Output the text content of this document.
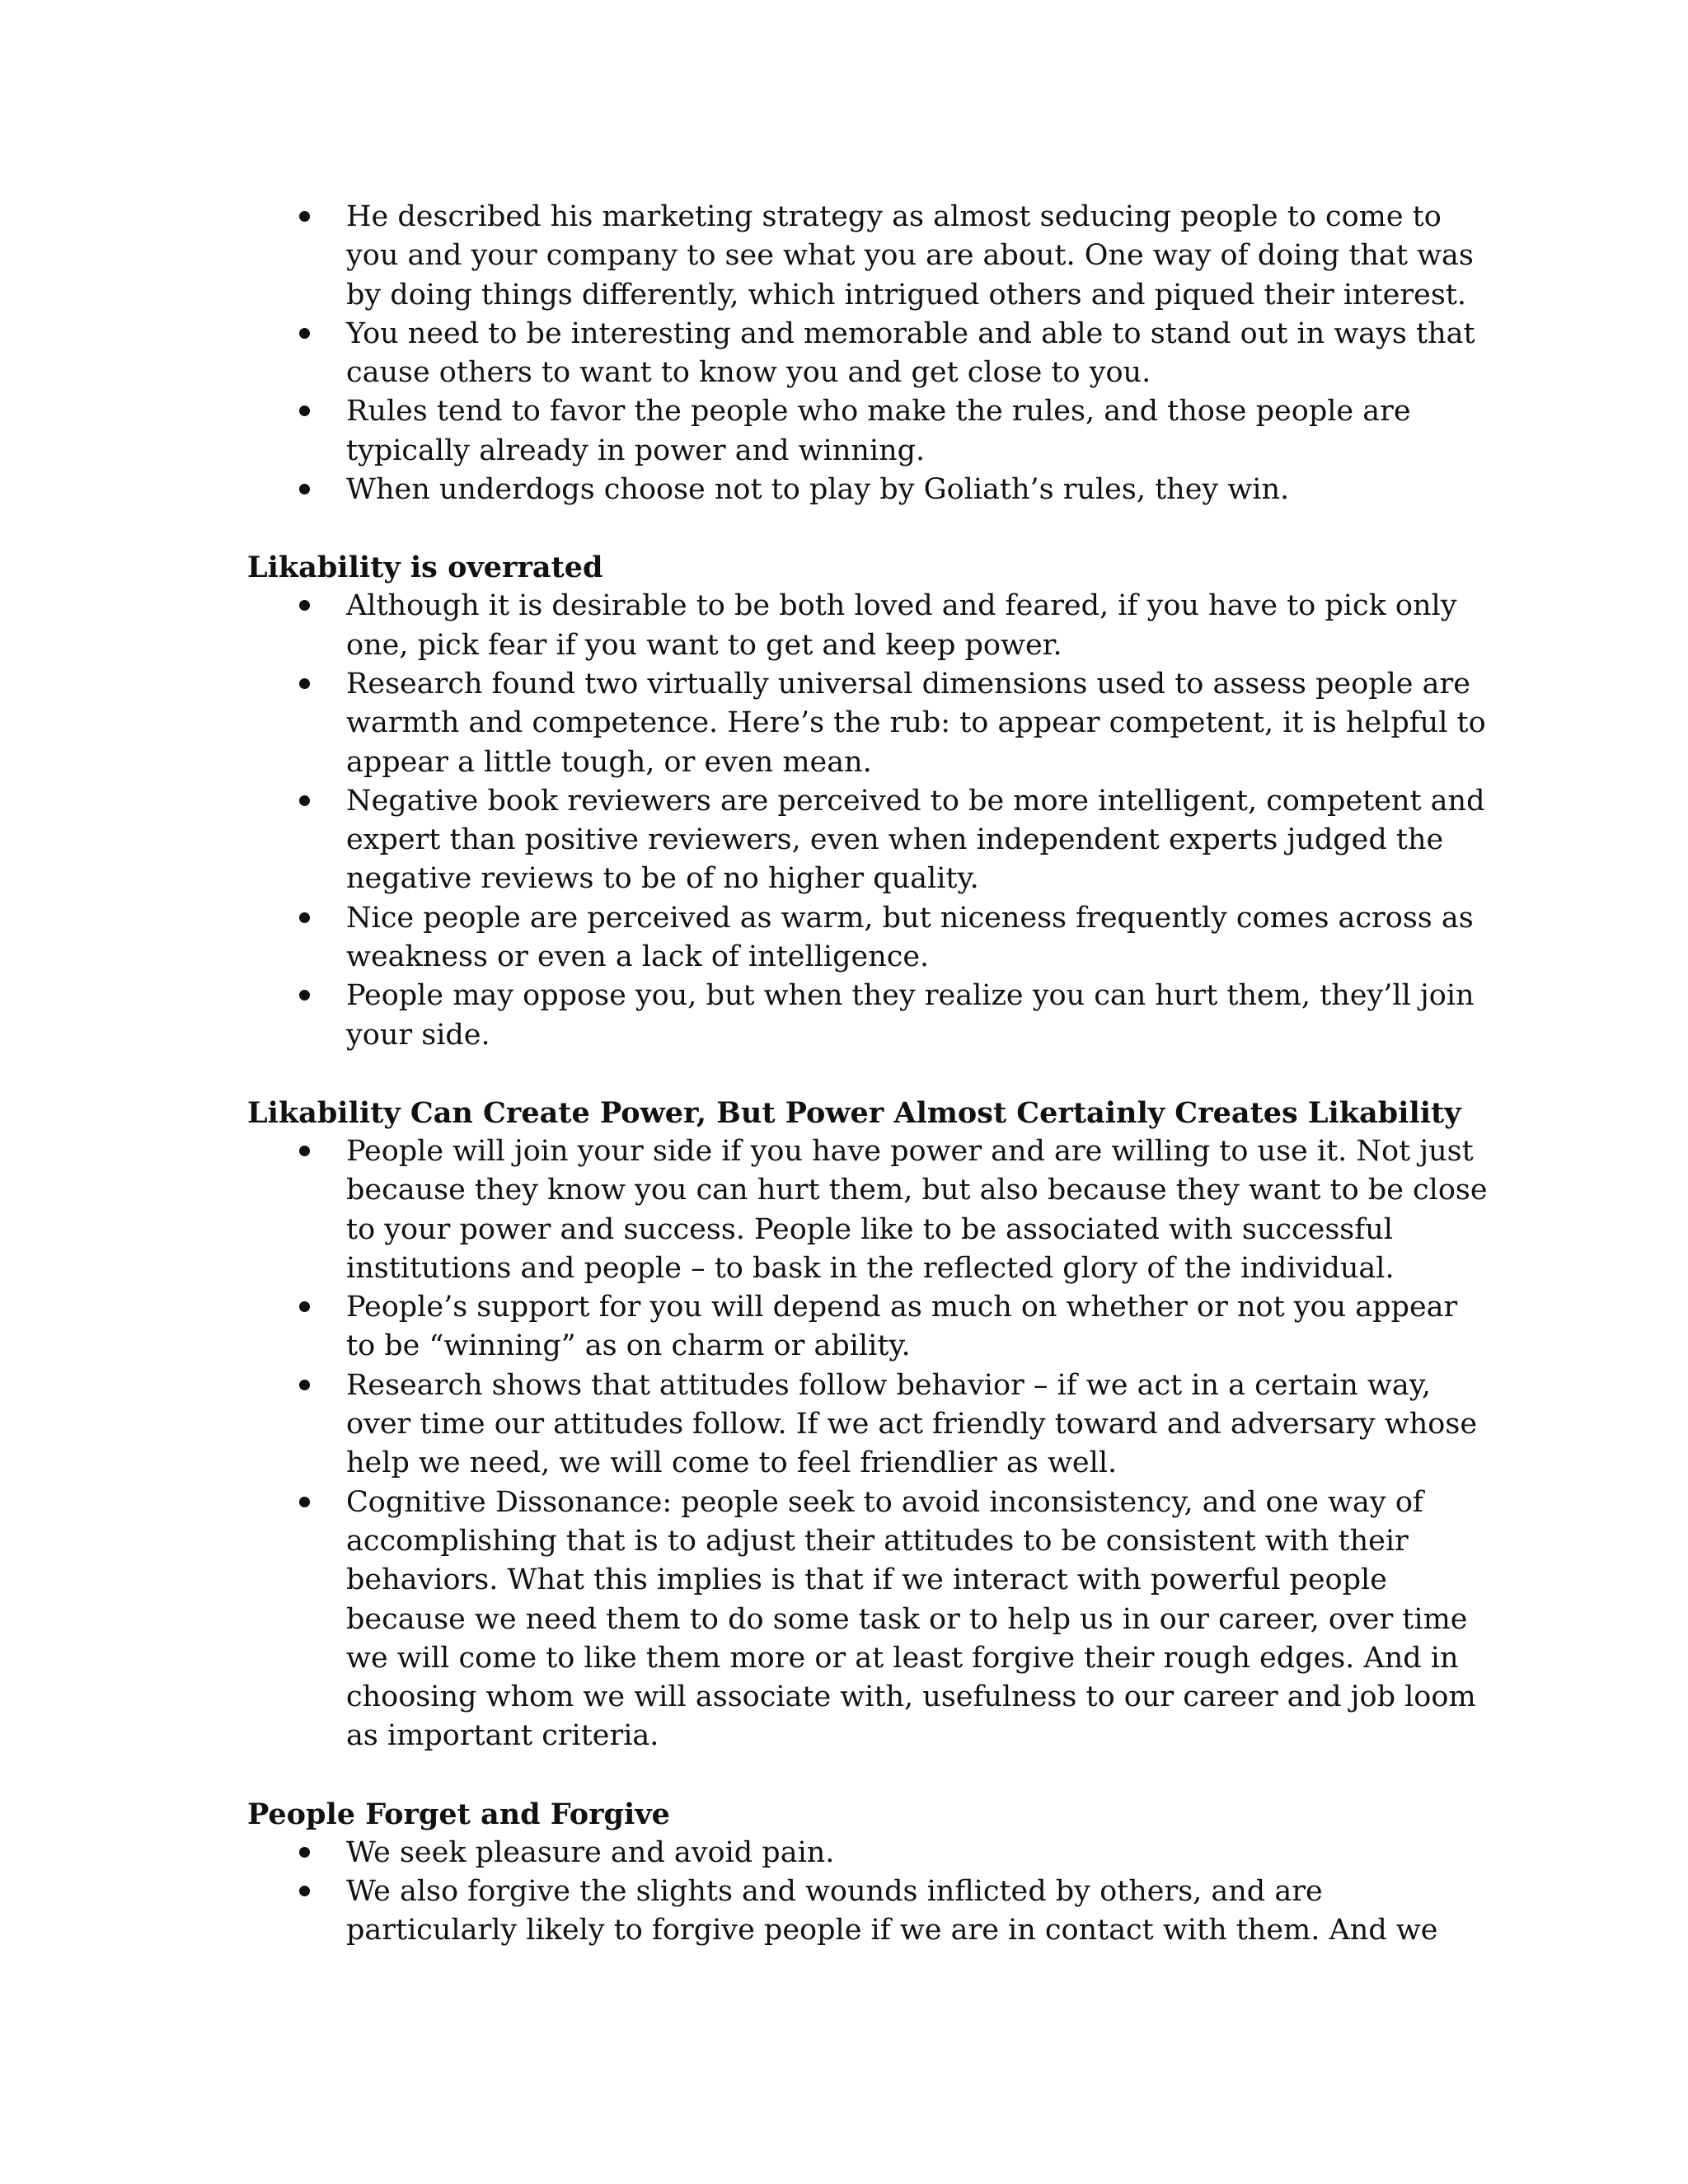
He described his marketing strategy as almost seducing people to come to
you and your company to see what you are about. One way of doing that was
by doing things differently, which intrigued others and piqued their interest.
You need to be interesting and memorable and able to stand out in ways that
cause others to want to know you and get close to you.
Rules tend to favor the people who make the rules, and those people are
typically already in power and winning.
When underdogs choose not to play by Goliath’s rules, they win.
Likability is overrated
Although it is desirable to be both loved and feared, if you have to pick only
one, pick fear if you want to get and keep power.
Research found two virtually universal dimensions used to assess people are
warmth and competence. Here’s the rub: to appear competent, it is helpful to
appear a little tough, or even mean.
Negative book reviewers are perceived to be more intelligent, competent and
expert than positive reviewers, even when independent experts judged the
negative reviews to be of no higher quality.
Nice people are perceived as warm, but niceness frequently comes across as
weakness or even a lack of intelligence.
People may oppose you, but when they realize you can hurt them, they’ll join
your side.
Likability Can Create Power, But Power Almost Certainly Creates Likability
People will join your side if you have power and are willing to use it. Not just
because they know you can hurt them, but also because they want to be close
to your power and success. People like to be associated with successful
institutions and people – to bask in the reflected glory of the individual.
People’s support for you will depend as much on whether or not you appear
to be “winning” as on charm or ability.
Research shows that attitudes follow behavior – if we act in a certain way,
over time our attitudes follow. If we act friendly toward and adversary whose
help we need, we will come to feel friendlier as well.
Cognitive Dissonance: people seek to avoid inconsistency, and one way of
accomplishing that is to adjust their attitudes to be consistent with their
behaviors. What this implies is that if we interact with powerful people
because we need them to do some task or to help us in our career, over time
we will come to like them more or at least forgive their rough edges. And in
choosing whom we will associate with, usefulness to our career and job loom
as important criteria.
People Forget and Forgive
We seek pleasure and avoid pain.
We also forgive the slights and wounds inflicted by others, and are
particularly likely to forgive people if we are in contact with them. And we
